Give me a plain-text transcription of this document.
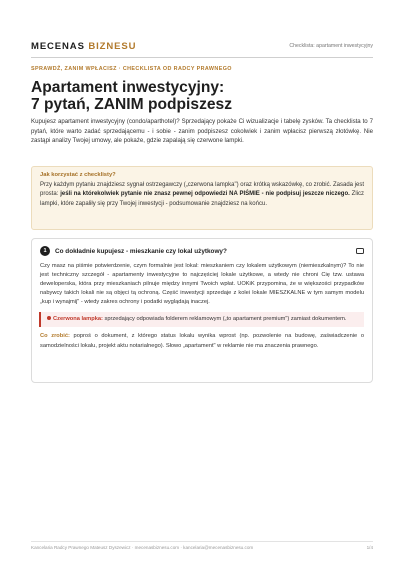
MECENAS BIZNESU	Checklista: apartament inwestycyjny
SPRAWDŹ, ZANIM WPŁACISZ · CHECKLISTA OD RADCY PRAWNEGO
Apartament inwestycyjny:
7 pytań, ZANIM podpiszesz

Kupujesz apartament inwestycyjny (condo/aparthotel)? Sprzedający pokaże Ci wizualizacje i tabelę zysków. Ta checklista to 7 pytań, które warto zadać sprzedającemu - i sobie - zanim podpiszesz cokolwiek i zanim wpłacisz pierwszą złotówkę. Nie zastąpi analizy Twojej umowy, ale pokaże, gdzie zapalają się czerwone lampki.

Jak korzystać z checklisty?

Przy każdym pytaniu znajdziesz sygnał ostrzegawczy („czerwona lampka") oraz krótką wskazówkę, co zrobić. Zasada jest prosta: jeśli na którekolwiek pytanie nie znasz pewnej odpowiedzi NA PIŚMIE - nie podpisuj jeszcze niczego. Zlicz lampki, które zapaliły się przy Twojej inwestycji - podsumowanie znajdziesz na końcu.

1	Co dokładnie kupujesz - mieszkanie czy lokal użytkowy?

Czy masz na piśmie potwierdzenie, czym formalnie jest lokal: mieszkaniem czy lokalem użytkowym (niemieszkalnym)? To nie jest techniczny szczegół - apartamenty inwestycyjne to najczęściej lokale użytkowe, a wtedy nie chroni Cię tzw. ustawa deweloperska, która przy mieszkaniach pilnuje między innymi Twoich wpłat. UOKiK przypomina, że w większości przypadków nabywcy takich lokali nie są objęci tą ochroną. Część inwestycji sprzedaje z kolei lokale MIESZKALNE w tym samym modelu „kup i wynajmij" - wtedy zakres ochrony i podatki wyglądają inaczej.

Czerwona lampka: sprzedający odpowiada folderem reklamowym („to apartament premium") zamiast dokumentem.

Co zrobić: poproś o dokument, z którego status lokalu wynika wprost (np. pozwolenie na budowę, zaświadczenie o samodzielności lokalu, projekt aktu notarialnego). Słowo „apartament" w reklamie nie ma znaczenia prawnego.

Kancelaria Radcy Prawnego Mateusz Dyszewicz · mecenasbiznesu.com · kancelaria@mecenasbiznesu.com	1/4
